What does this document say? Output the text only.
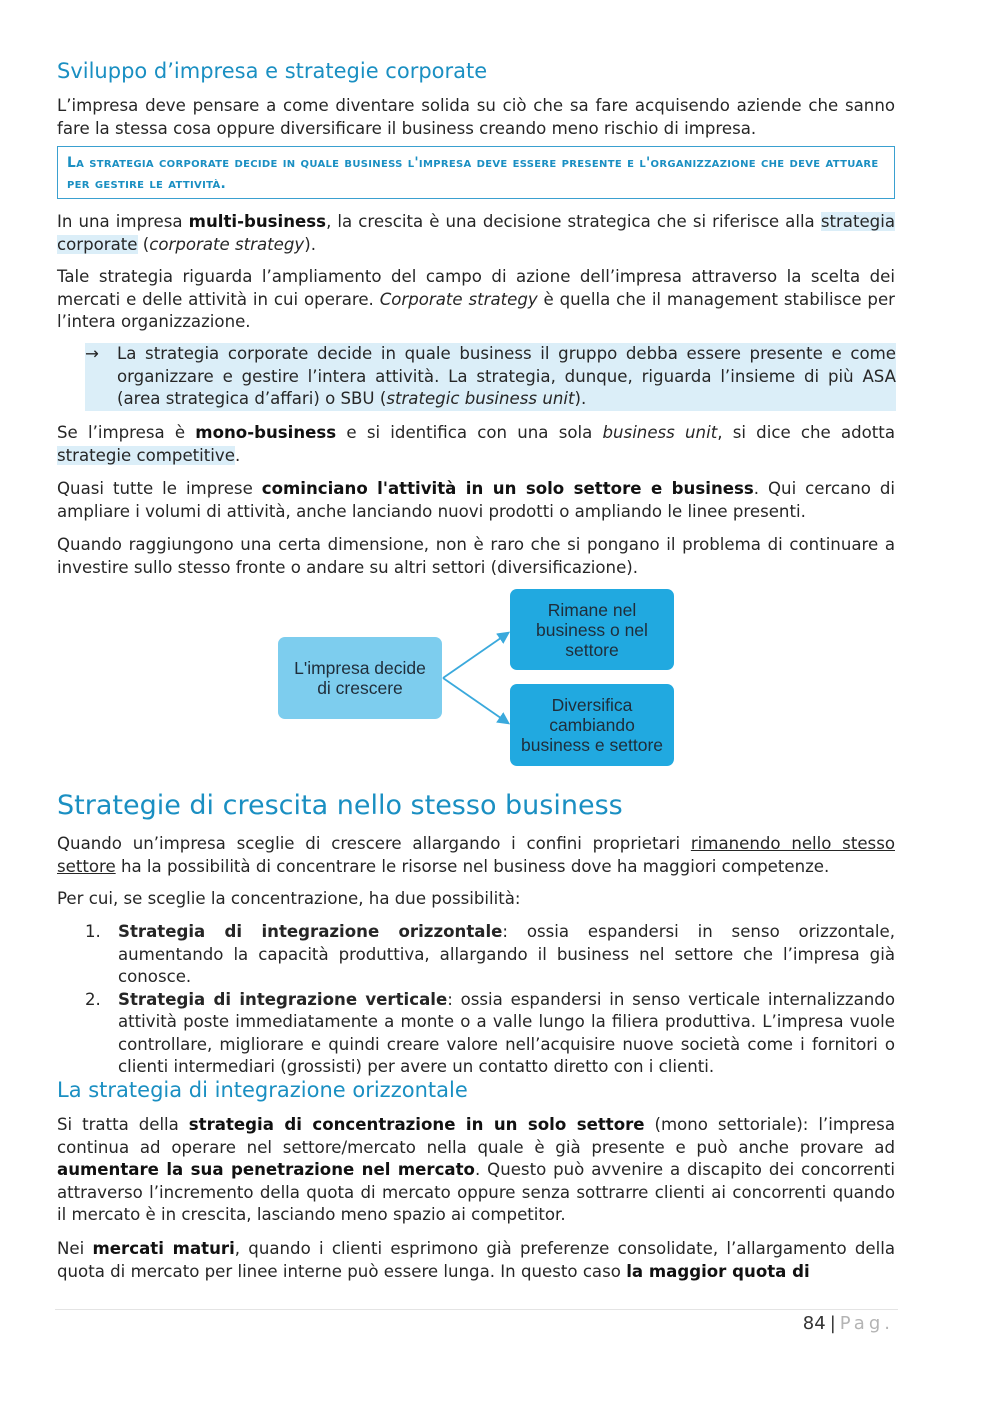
Sviluppo d’impresa e strategie corporate

L’impresa deve pensare a come diventare solida su ciò che sa fare acquisendo aziende che sanno fare la stessa cosa oppure diversificare il business creando meno rischio di impresa.

La strategia corporate decide in quale business l'impresa deve essere presente e l'organizzazione che deve attuare per gestire le attività.

In una impresa multi-business, la crescita è una decisione strategica che si riferisce alla strategia corporate (corporate strategy).

Tale strategia riguarda l’ampliamento del campo di azione dell’impresa attraverso la scelta dei mercati e delle attività in cui operare. Corporate strategy è quella che il management stabilisce per l’intera organizzazione.

→ La strategia corporate decide in quale business il gruppo debba essere presente e come organizzare e gestire l’intera attività. La strategia, dunque, riguarda l’insieme di più ASA (area strategica d’affari) o SBU (strategic business unit).

Se l’impresa è mono-business e si identifica con una sola business unit, si dice che adotta strategie competitive.

Quasi tutte le imprese cominciano l'attività in un solo settore e business. Qui cercano di ampliare i volumi di attività, anche lanciando nuovi prodotti o ampliando le linee presenti.

Quando raggiungono una certa dimensione, non è raro che si pongano il problema di continuare a investire sullo stesso fronte o andare su altri settori (diversificazione).

Strategie di crescita nello stesso business

Quando un’impresa sceglie di crescere allargando i confini proprietari rimanendo nello stesso settore ha la possibilità di concentrare le risorse nel business dove ha maggiori competenze.

Per cui, se sceglie la concentrazione, ha due possibilità:

1. Strategia di integrazione orizzontale: ossia espandersi in senso orizzontale, aumentando la capacità produttiva, allargando il business nel settore che l’impresa già conosce.
2. Strategia di integrazione verticale: ossia espandersi in senso verticale internalizzando attività poste immediatamente a monte o a valle lungo la filiera produttiva. L’impresa vuole controllare, migliorare e quindi creare valore nell’acquisire nuove società come i fornitori o clienti intermediari (grossisti) per avere un contatto diretto con i clienti.
La strategia di integrazione orizzontale

Si tratta della strategia di concentrazione in un solo settore (mono settoriale): l’impresa continua ad operare nel settore/mercato nella quale è già presente e può anche provare ad aumentare la sua penetrazione nel mercato. Questo può avvenire a discapito dei concorrenti attraverso l’incremento della quota di mercato oppure senza sottrarre clienti ai concorrenti quando il mercato è in crescita, lasciando meno spazio ai competitor.

Nei mercati maturi, quando i clienti esprimono già preferenze consolidate, l’allargamento della quota di mercato per linee interne può essere lunga. In questo caso la maggior quota di

L'impresa decide
di crescere
Rimane nel
business o nel
settore
Diversifica
cambiando
business e settore
84 | Pag.
